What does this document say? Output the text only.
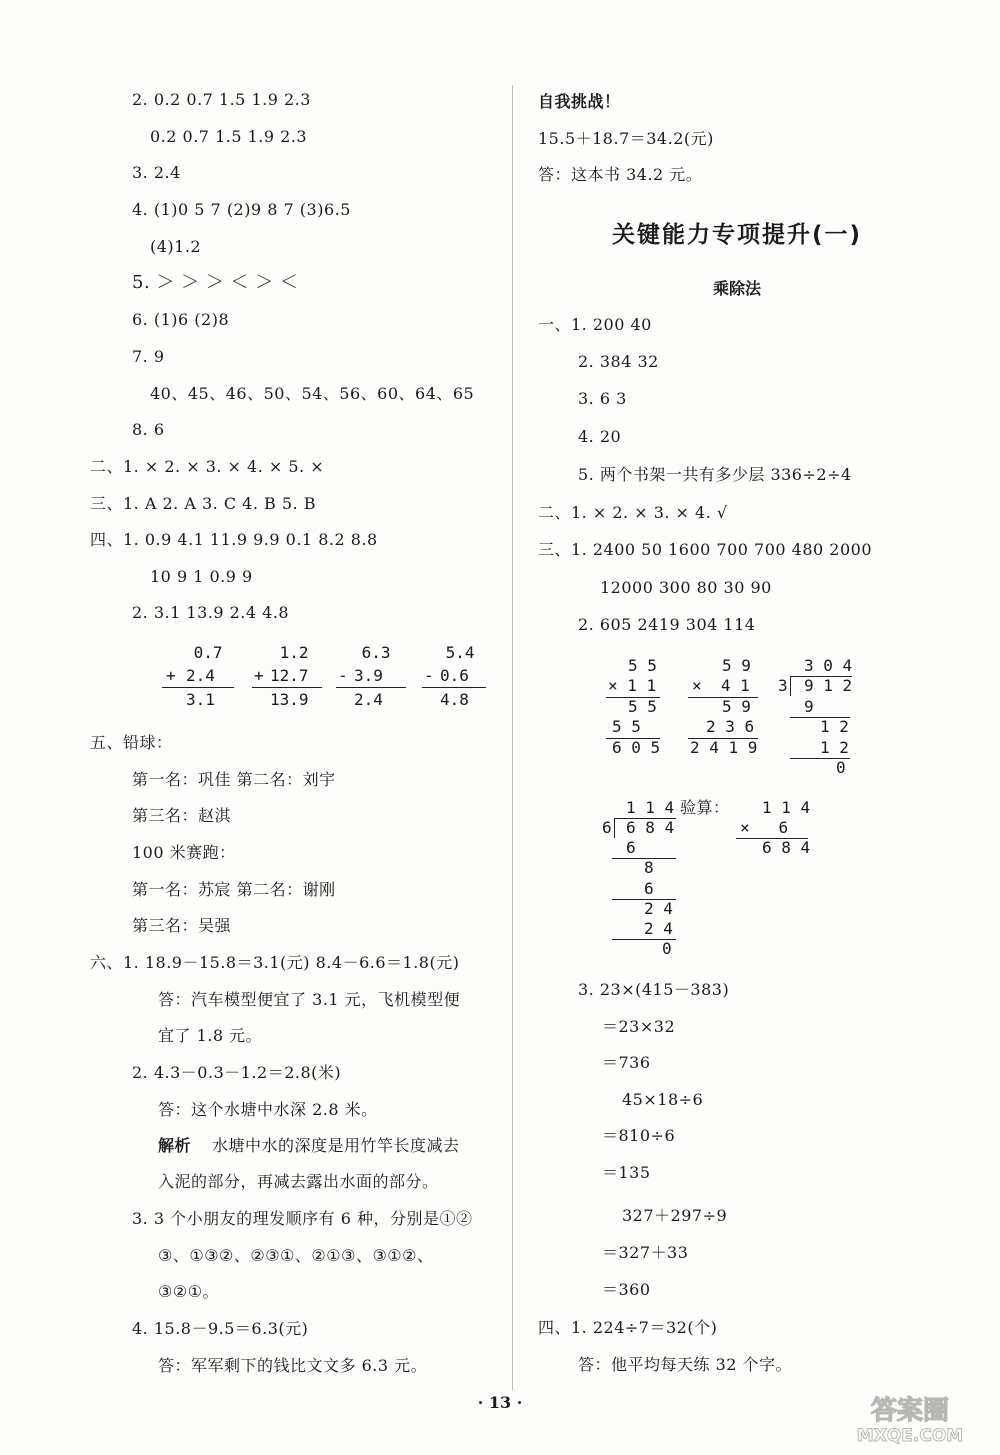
2. 0.2 0.7 1.5 1.9 2.3
0.2 0.7 1.5 1.9 2.3
3. 2.4
4. (1)0 5 7 (2)9 8 7 (3)6.5
(4)1.2
5. ＞ ＞ ＞ ＜ ＞ ＜
6. (1)6 (2)8
7. 9
40、45、46、50、54、56、60、64、65
8. 6
二、1. × 2. × 3. × 4. × 5. ×
三、1. A 2. A 3. C 4. B 5. B
四、1. 0.9 4.1 11.9 9.9 0.1 8.2 8.8
10 9 1 0.9 9
2. 3.1 13.9 2.4 4.8
0.7
+ 2.4
3.1
1.2
+ 12.7
13.9
6.3
- 3.9
2.4
5.4
- 0.6
4.8
五、铅球：
第一名：巩佳 第二名：刘宇
第三名：赵淇
100 米赛跑：
第一名：苏宸 第二名：谢刚
第三名：吴强
六、1. 18.9－15.8＝3.1(元) 8.4－6.6＝1.8(元)
答：汽车模型便宜了 3.1 元，飞机模型便
宜了 1.8 元。
2. 4.3－0.3－1.2＝2.8(米)
答：这个水塘中水深 2.8 米。
解析 水塘中水的深度是用竹竿长度减去
入泥的部分，再减去露出水面的部分。
3. 3 个小朋友的理发顺序有 6 种，分别是①②
③、①③②、②③①、②①③、③①②、
③②①。
4. 15.8－9.5＝6.3(元)
答：军军剩下的钱比文文多 6.3 元。
自我挑战！
15.5＋18.7＝34.2(元)
答：这本书 34.2 元。
关键能力专项提升(一)
乘除法
一、1. 200 40
2. 384 32
3. 6 3
4. 20
5. 两个书架一共有多少层 336÷2÷4
二、1. × 2. × 3. × 4. √
三、1. 2400 50 1600 700 700 480 2000
12000 300 80 30 90
2. 605 2419 304 114
5 5
× 1 1
5 5
5 5
6 0 5
5 9
×  4 1
5 9
2 3 6
2 4 1 9
3 0 4
3 9 1 2
9
1 2
1 2
0
1 1 4
6 6 8 4
6
8
6
2 4
2 4
0
验算： 1 1 4
×   6
6 8 4
3. 23×(415－383)
＝23×32
＝736
45×18÷6
＝810÷6
＝135
327＋297÷9
＝327＋33
＝360
四、1. 224÷7＝32(个)
答：他平均每天练 32 个字。
· 13 ·	答案圈
MXQE.COM
